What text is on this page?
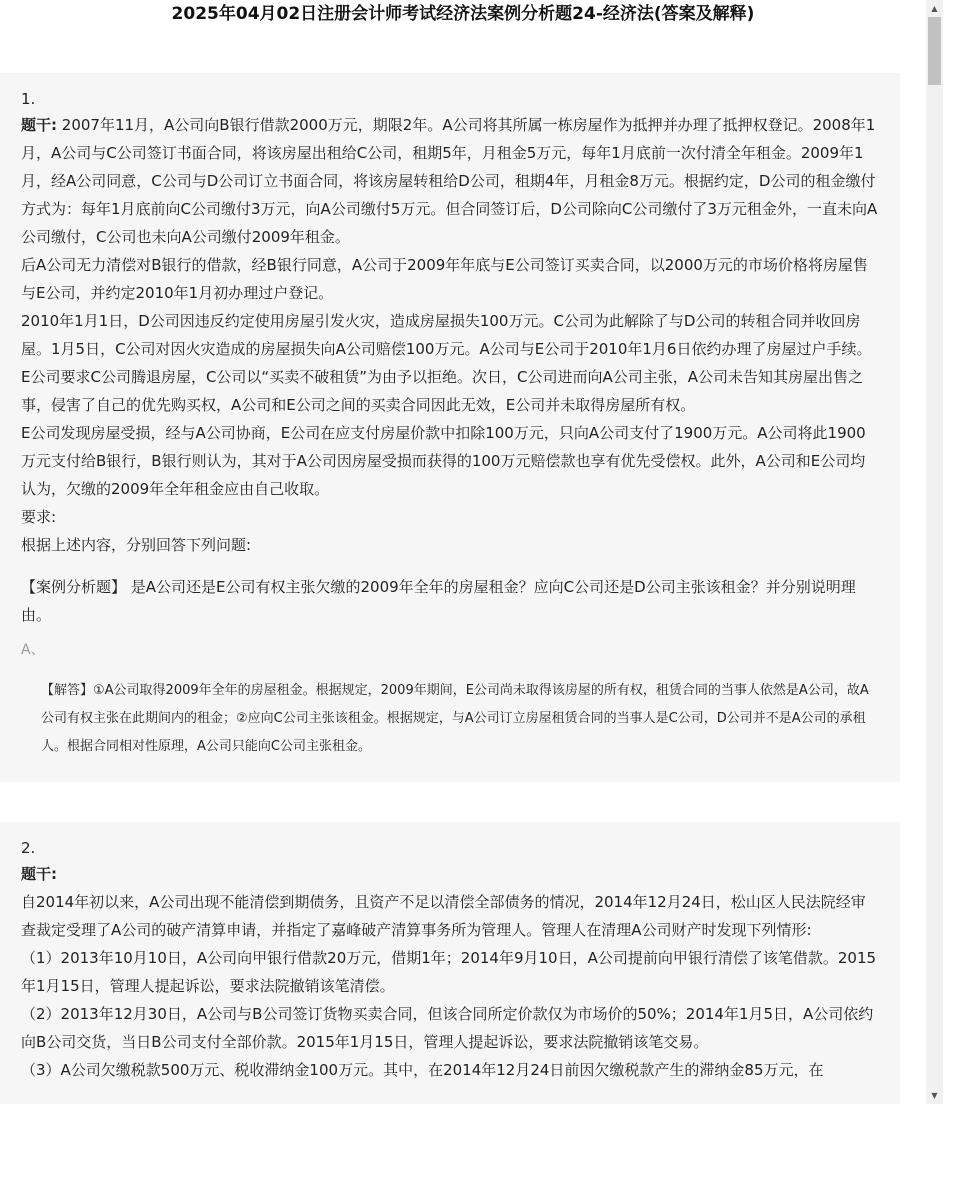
2025年04月02日注册会计师考试经济法案例分析题24-经济法(答案及解释)
1.

题干: 2007年11月，A公司向B银行借款2000万元，期限2年。A公司将其所属一栋房屋作为抵押并办理了抵押权登记。2008年1月，A公司与C公司签订书面合同，将该房屋出租给C公司，租期5年，月租金5万元，每年1月底前一次付清全年租金。2009年1月，经A公司同意，C公司与D公司订立书面合同，将该房屋转租给D公司，租期4年，月租金8万元。根据约定，D公司的租金缴付方式为：每年1月底前向C公司缴付3万元，向A公司缴付5万元。但合同签订后，D公司除向C公司缴付了3万元租金外，一直未向A公司缴付，C公司也未向A公司缴付2009年租金。

后A公司无力清偿对B银行的借款，经B银行同意，A公司于2009年年底与E公司签订买卖合同，以2000万元的市场价格将房屋售与E公司，并约定2010年1月初办理过户登记。

2010年1月1日，D公司因违反约定使用房屋引发火灾，造成房屋损失100万元。C公司为此解除了与D公司的转租合同并收回房屋。1月5日，C公司对因火灾造成的房屋损失向A公司赔偿100万元。A公司与E公司于2010年1月6日依约办理了房屋过户手续。E公司要求C公司腾退房屋，C公司以“买卖不破租赁”为由予以拒绝。次日，C公司进而向A公司主张，A公司未告知其房屋出售之事，侵害了自己的优先购买权，A公司和E公司之间的买卖合同因此无效，E公司并未取得房屋所有权。

E公司发现房屋受损，经与A公司协商，E公司在应支付房屋价款中扣除100万元，只向A公司支付了1900万元。A公司将此1900万元支付给B银行，B银行则认为，其对于A公司因房屋受损而获得的100万元赔偿款也享有优先受偿权。此外，A公司和E公司均认为，欠缴的2009年全年租金应由自己收取。

要求:

根据上述内容，分别回答下列问题:

【案例分析题】 是A公司还是E公司有权主张欠缴的2009年全年的房屋租金？应向C公司还是D公司主张该租金？并分别说明理由。

A、
【解答】①A公司取得2009年全年的房屋租金。根据规定，2009年期间，E公司尚未取得该房屋的所有权，租赁合同的当事人依然是A公司，故A公司有权主张在此期间内的租金；②应向C公司主张该租金。根据规定，与A公司订立房屋租赁合同的当事人是C公司，D公司并不是A公司的承租人。根据合同相对性原理，A公司只能向C公司主张租金。
2.

题干:

自2014年初以来，A公司出现不能清偿到期债务，且资产不足以清偿全部债务的情况，2014年12月24日，松山区人民法院经审查裁定受理了A公司的破产清算申请，并指定了嘉峰破产清算事务所为管理人。管理人在清理A公司财产时发现下列情形:

（1）2013年10月10日，A公司向甲银行借款20万元，借期1年；2014年9月10日，A公司提前向甲银行清偿了该笔借款。2015年1月15日，管理人提起诉讼，要求法院撤销该笔清偿。

（2）2013年12月30日，A公司与B公司签订货物买卖合同，但该合同所定价款仅为市场价的50%；2014年1月5日，A公司依约向B公司交货，当日B公司支付全部价款。2015年1月15日，管理人提起诉讼，要求法院撤销该笔交易。

（3）A公司欠缴税款500万元、税收滞纳金100万元。其中，在2014年12月24日前因欠缴税款产生的滞纳金85万元，在

▲
▼
